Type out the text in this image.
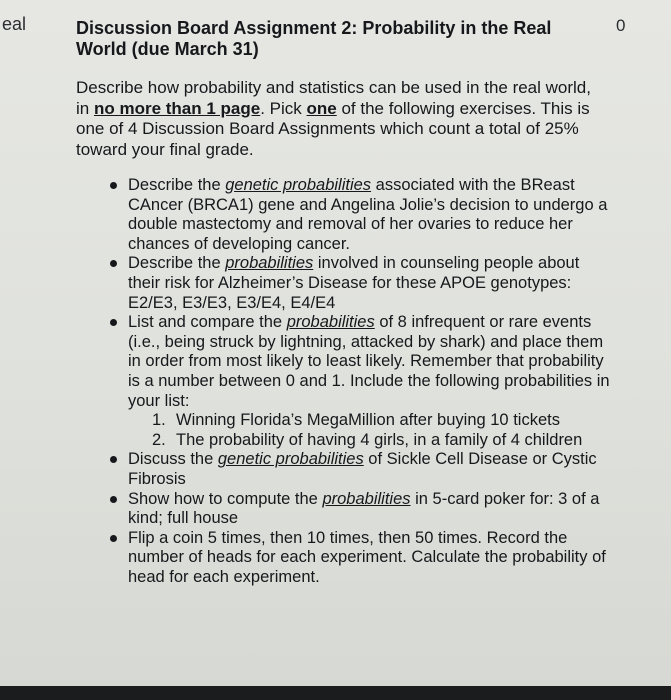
eal	0
Discussion Board Assignment 2: Probability in the Real World (due March 31)

Describe how probability and statistics can be used in the real world, in no more than 1 page. Pick one of the following exercises. This is one of 4 Discussion Board Assignments which count a total of 25% toward your final grade.

Describe the genetic probabilities associated with the BReast CAncer (BRCA1) gene and Angelina Jolie’s decision to undergo a double mastectomy and removal of her ovaries to reduce her chances of developing cancer.
Describe the probabilities involved in counseling people about their risk for Alzheimer’s Disease for these APOE genotypes: E2/E3, E3/E3, E3/E4, E4/E4
List and compare the probabilities of 8 infrequent or rare events (i.e., being struck by lightning, attacked by shark) and place them in order from most likely to least likely. Remember that probability is a number between 0 and 1. Include the following probabilities in your list:
1. Winning Florida’s MegaMillion after buying 10 tickets
2. The probability of having 4 girls, in a family of 4 children
Discuss the genetic probabilities of Sickle Cell Disease or Cystic Fibrosis
Show how to compute the probabilities in 5-card poker for: 3 of a kind; full house
Flip a coin 5 times, then 10 times, then 50 times. Record the number of heads for each experiment. Calculate the probability of head for each experiment.
